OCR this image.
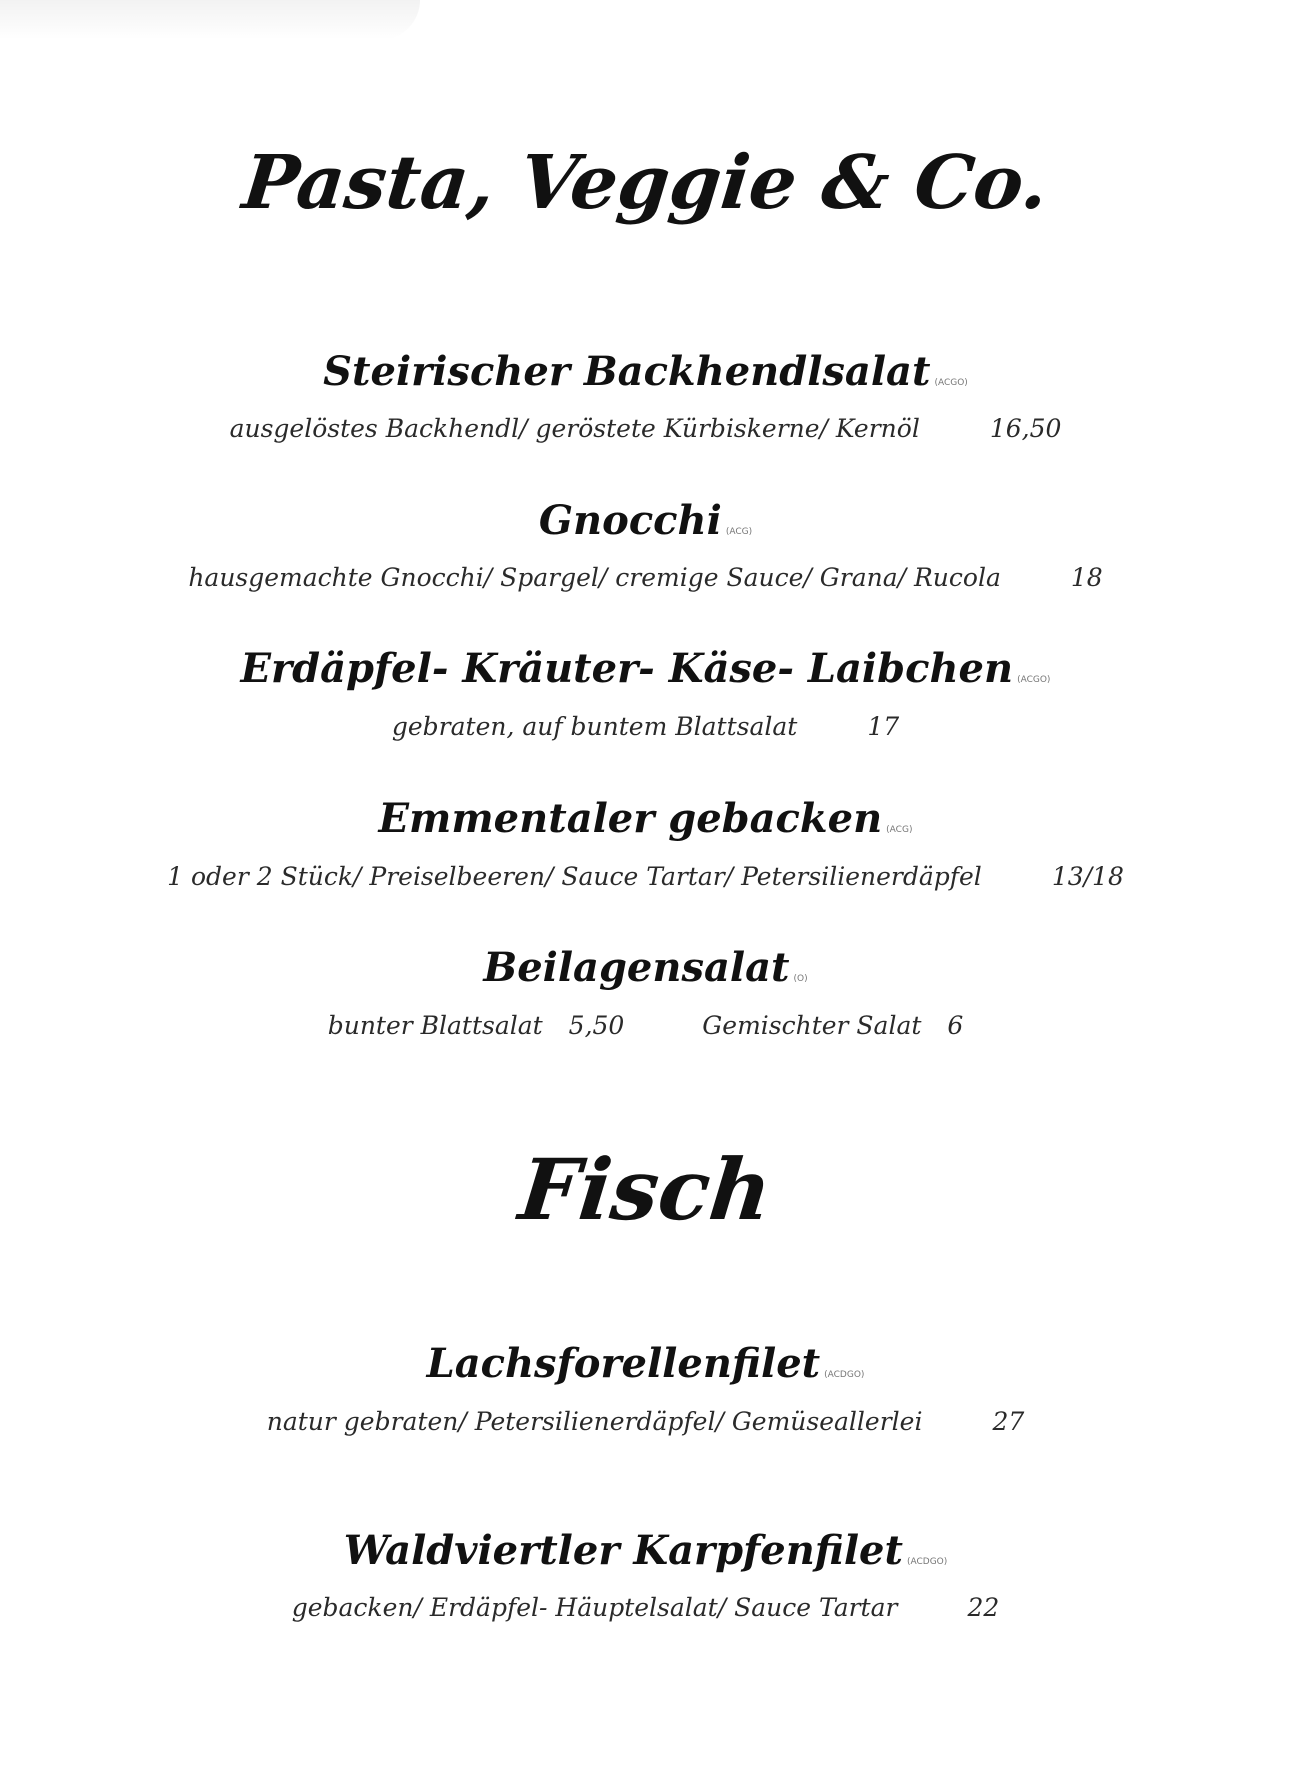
Pasta, Veggie & Co.
Steirischer Backhendlsalat (ACGO)
ausgelöstes Backhendl/ geröstete Kürbiskerne/ Kernöl	16,50
Gnocchi (ACG)
hausgemachte Gnocchi/ Spargel/ cremige Sauce/ Grana/ Rucola	18
Erdäpfel- Kräuter- Käse- Laibchen (ACGO)
gebraten, auf buntem Blattsalat	17
Emmentaler gebacken (ACG)
1 oder 2 Stück/ Preiselbeeren/ Sauce Tartar/ Petersilienerdäpfel	13/18
Beilagensalat (O)
bunter Blattsalat 5,50	Gemischter Salat 6
Fisch
Lachsforellenfilet (ACDGO)
natur gebraten/ Petersilienerdäpfel/ Gemüseallerlei	27
Waldviertler Karpfenfilet (ACDGO)
gebacken/ Erdäpfel- Häuptelsalat/ Sauce Tartar	22
